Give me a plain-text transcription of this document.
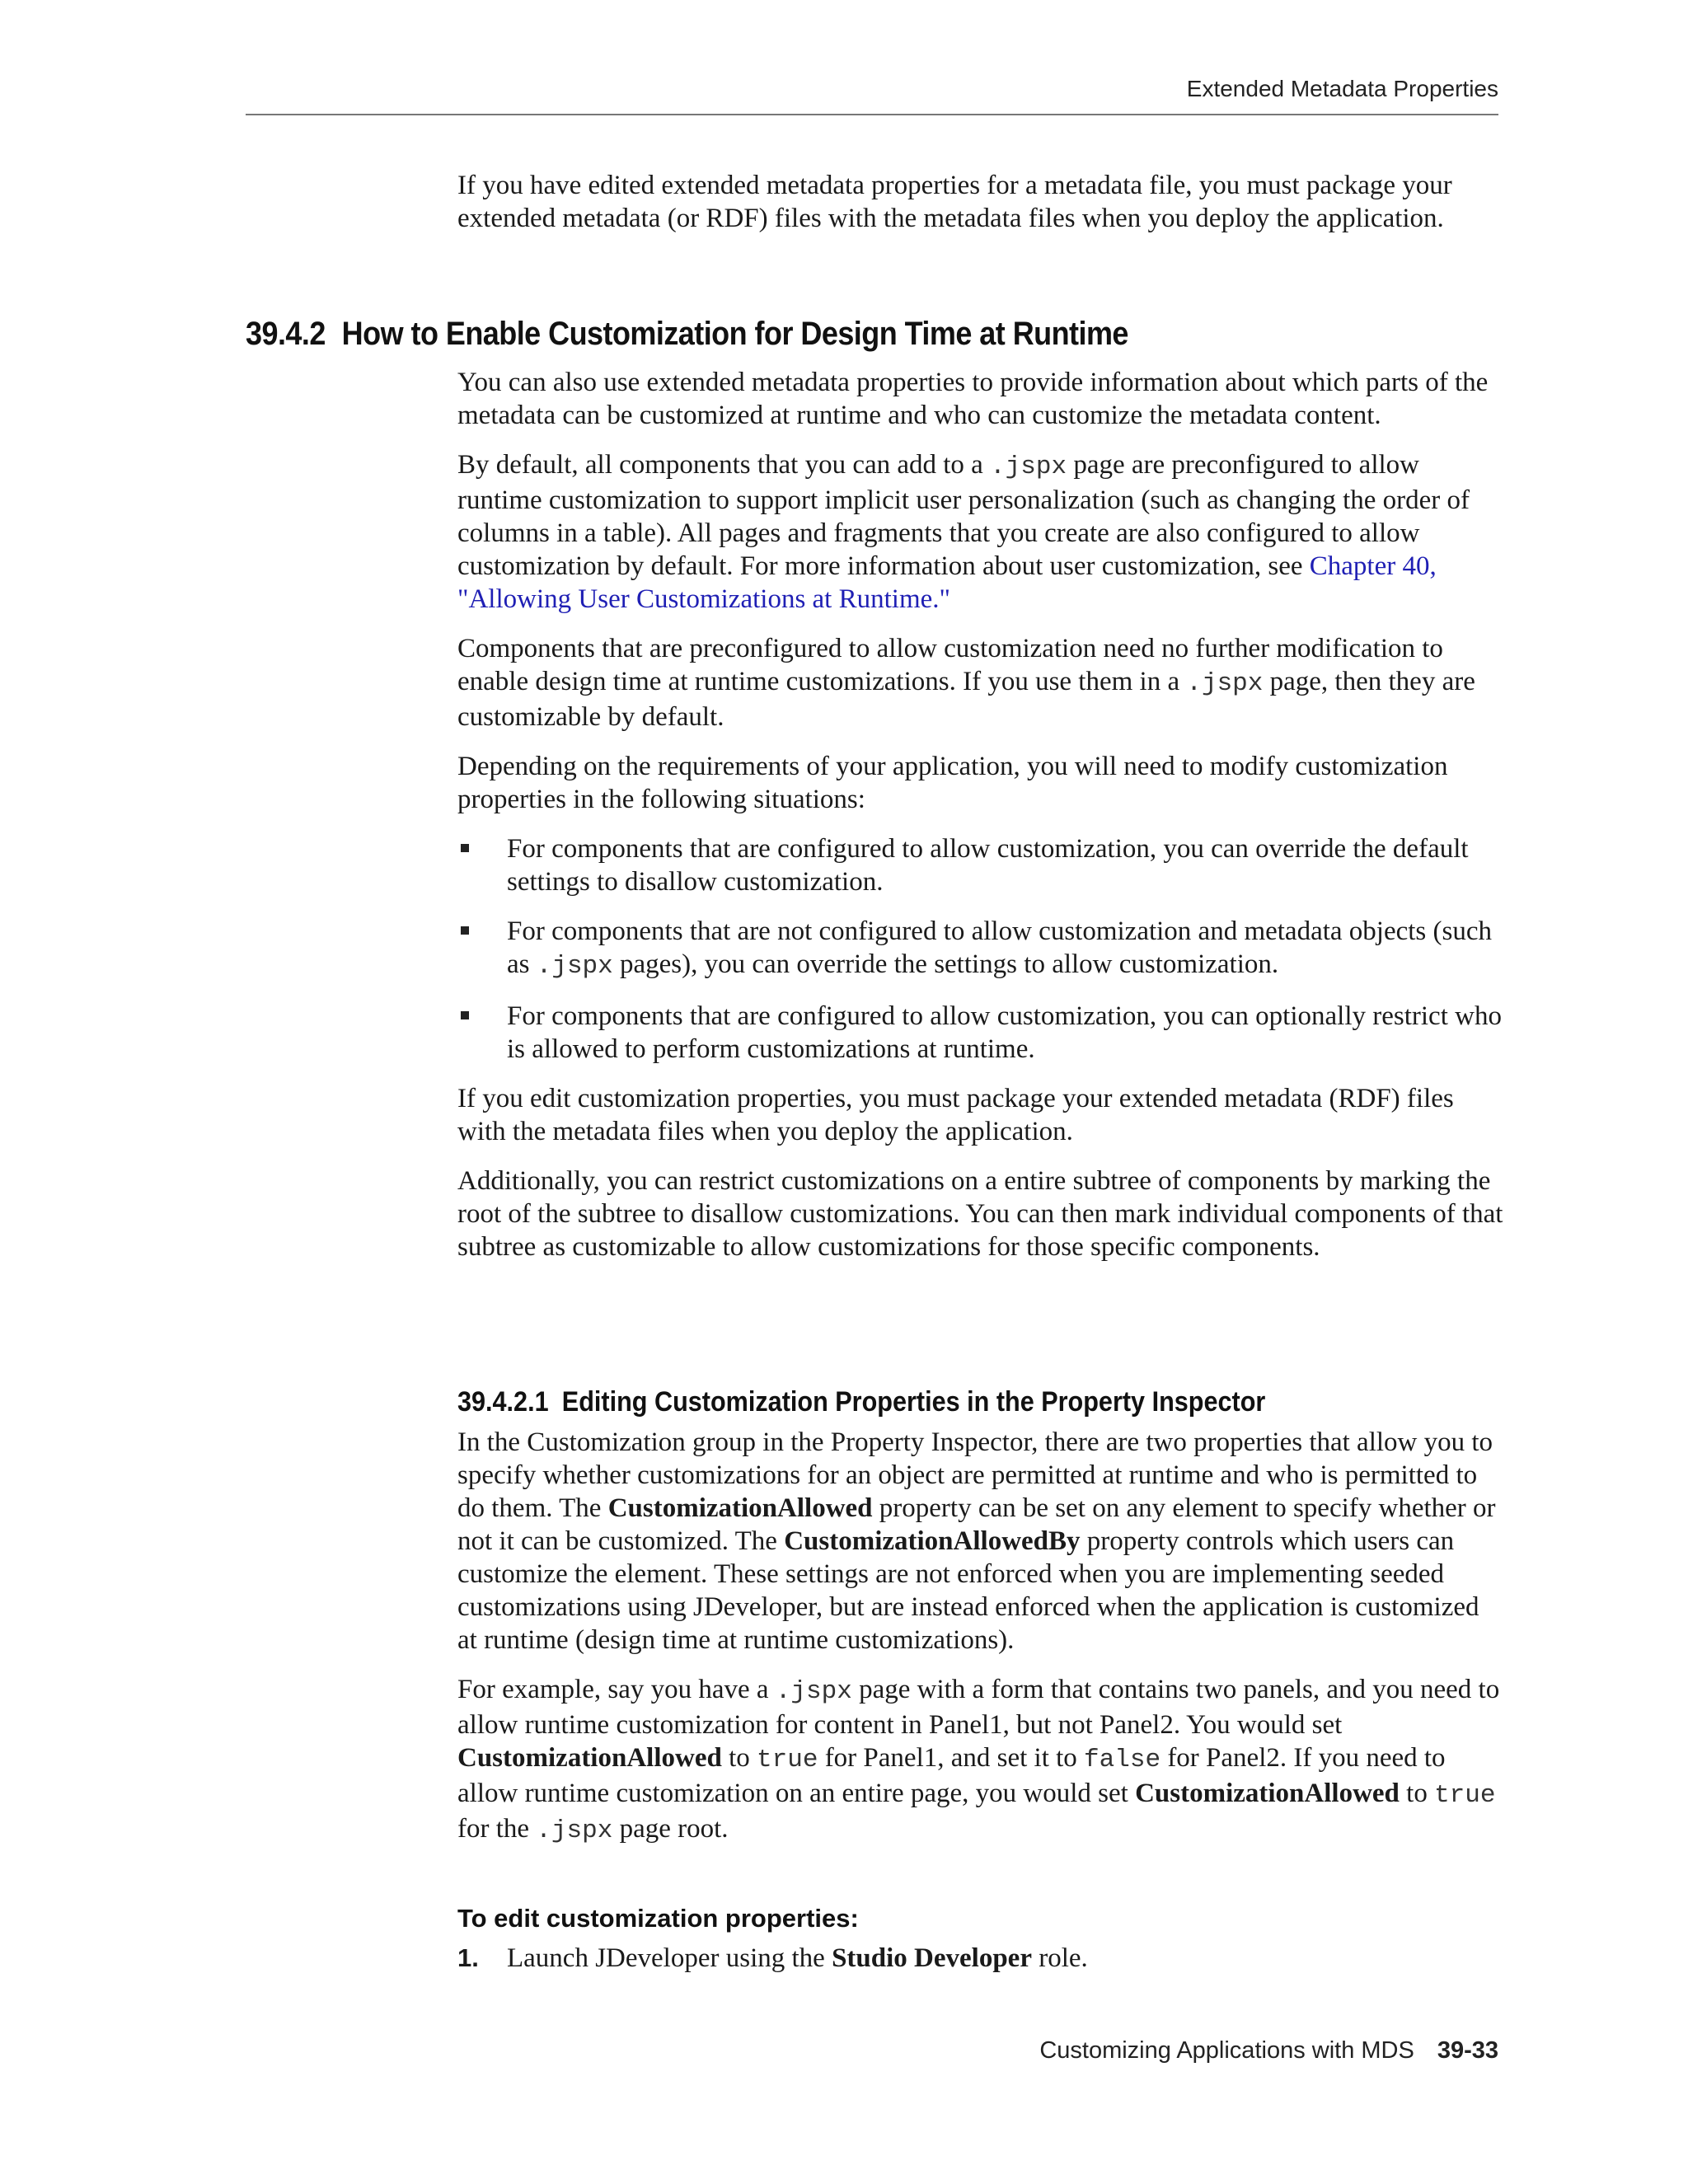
Extended Metadata Properties

If you have edited extended metadata properties for a metadata file, you must package your extended metadata (or RDF) files with the metadata files when you deploy the application.

39.4.2 How to Enable Customization for Design Time at Runtime

You can also use extended metadata properties to provide information about which parts of the metadata can be customized at runtime and who can customize the metadata content.

By default, all components that you can add to a .jspx page are preconfigured to allow runtime customization to support implicit user personalization (such as changing the order of columns in a table). All pages and fragments that you create are also configured to allow customization by default. For more information about user customization, see Chapter 40, "Allowing User Customizations at Runtime."

Components that are preconfigured to allow customization need no further modification to enable design time at runtime customizations. If you use them in a .jspx page, then they are customizable by default.

Depending on the requirements of your application, you will need to modify customization properties in the following situations:

For components that are configured to allow customization, you can override the default settings to disallow customization.
For components that are not configured to allow customization and metadata objects (such as .jspx pages), you can override the settings to allow customization.
For components that are configured to allow customization, you can optionally restrict who is allowed to perform customizations at runtime.

If you edit customization properties, you must package your extended metadata (RDF) files with the metadata files when you deploy the application.

Additionally, you can restrict customizations on a entire subtree of components by marking the root of the subtree to disallow customizations. You can then mark individual components of that subtree as customizable to allow customizations for those specific components.

39.4.2.1 Editing Customization Properties in the Property Inspector

In the Customization group in the Property Inspector, there are two properties that allow you to specify whether customizations for an object are permitted at runtime and who is permitted to do them. The CustomizationAllowed property can be set on any element to specify whether or not it can be customized. The CustomizationAllowedBy property controls which users can customize the element. These settings are not enforced when you are implementing seeded customizations using JDeveloper, but are instead enforced when the application is customized at runtime (design time at runtime customizations).

For example, say you have a .jspx page with a form that contains two panels, and you need to allow runtime customization for content in Panel1, but not Panel2. You would set CustomizationAllowed to true for Panel1, and set it to false for Panel2. If you need to allow runtime customization on an entire page, you would set CustomizationAllowed to true for the .jspx page root.

To edit customization properties:
1.	Launch JDeveloper using the Studio Developer role.
Customizing Applications with MDS 39-33
